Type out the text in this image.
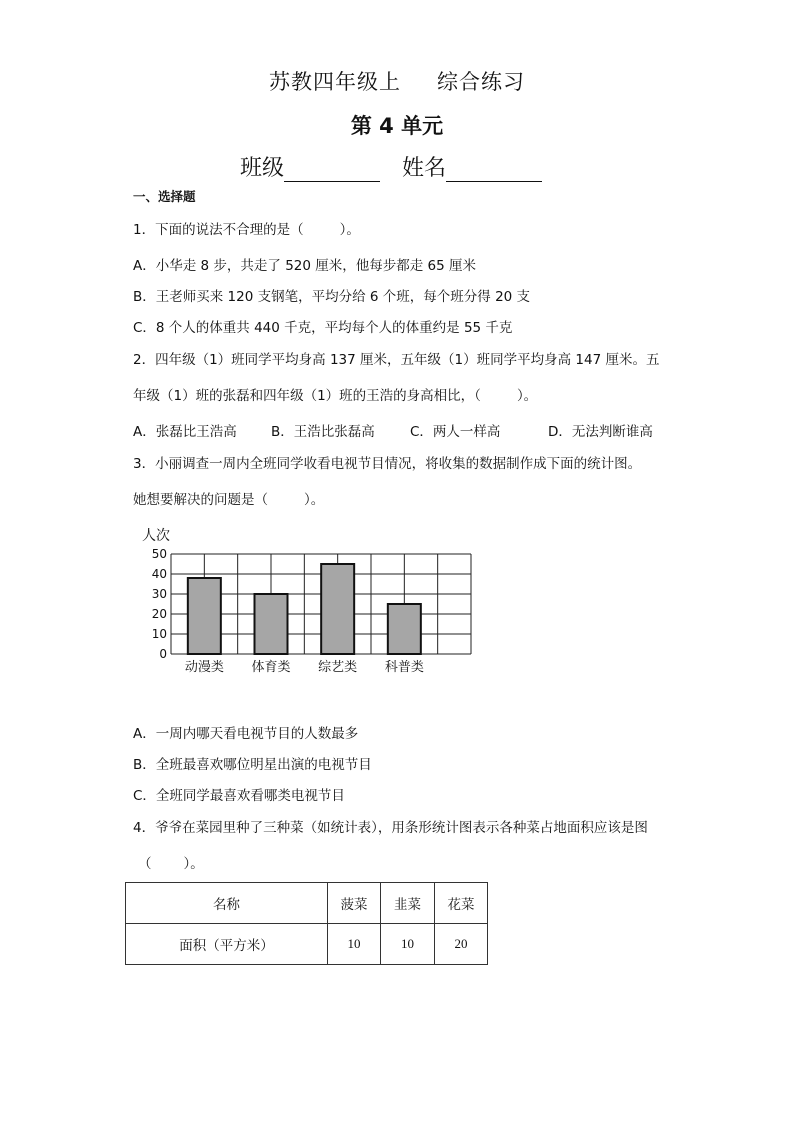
苏教四年级上 综合练习
第 4 单元
班级	姓名
一、选择题
1．下面的说法不合理的是（	）。
A．小华走 8 步，共走了 520 厘米，他每步都走 65 厘米
B．王老师买来 120 支钢笔，平均分给 6 个班，每个班分得 20 支
C．8 个人的体重共 440 千克，平均每个人的体重约是 55 千克
2．四年级（1）班同学平均身高 137 厘米，五年级（1）班同学平均身高 147 厘米。五
年级（1）班的张磊和四年级（1）班的王浩的身高相比，（	）。
A．张磊比王浩高	B．王浩比张磊高	C．两人一样高	D．无法判断谁高
3．小丽调查一周内全班同学收看电视节目情况，将收集的数据制作成下面的统计图。
她想要解决的问题是（	）。
人次
0
10
20
30
40
50
动漫类 体育类 综艺类 科普类
A．一周内哪天看电视节目的人数最多
B．全班最喜欢哪位明星出演的电视节目
C．全班同学最喜欢看哪类电视节目
4．爷爷在菜园里种了三种菜（如统计表），用条形统计图表示各种菜占地面积应该是图
（ ）。
名称	菠菜	韭菜	花菜
面积（平方米）	10	10	20
